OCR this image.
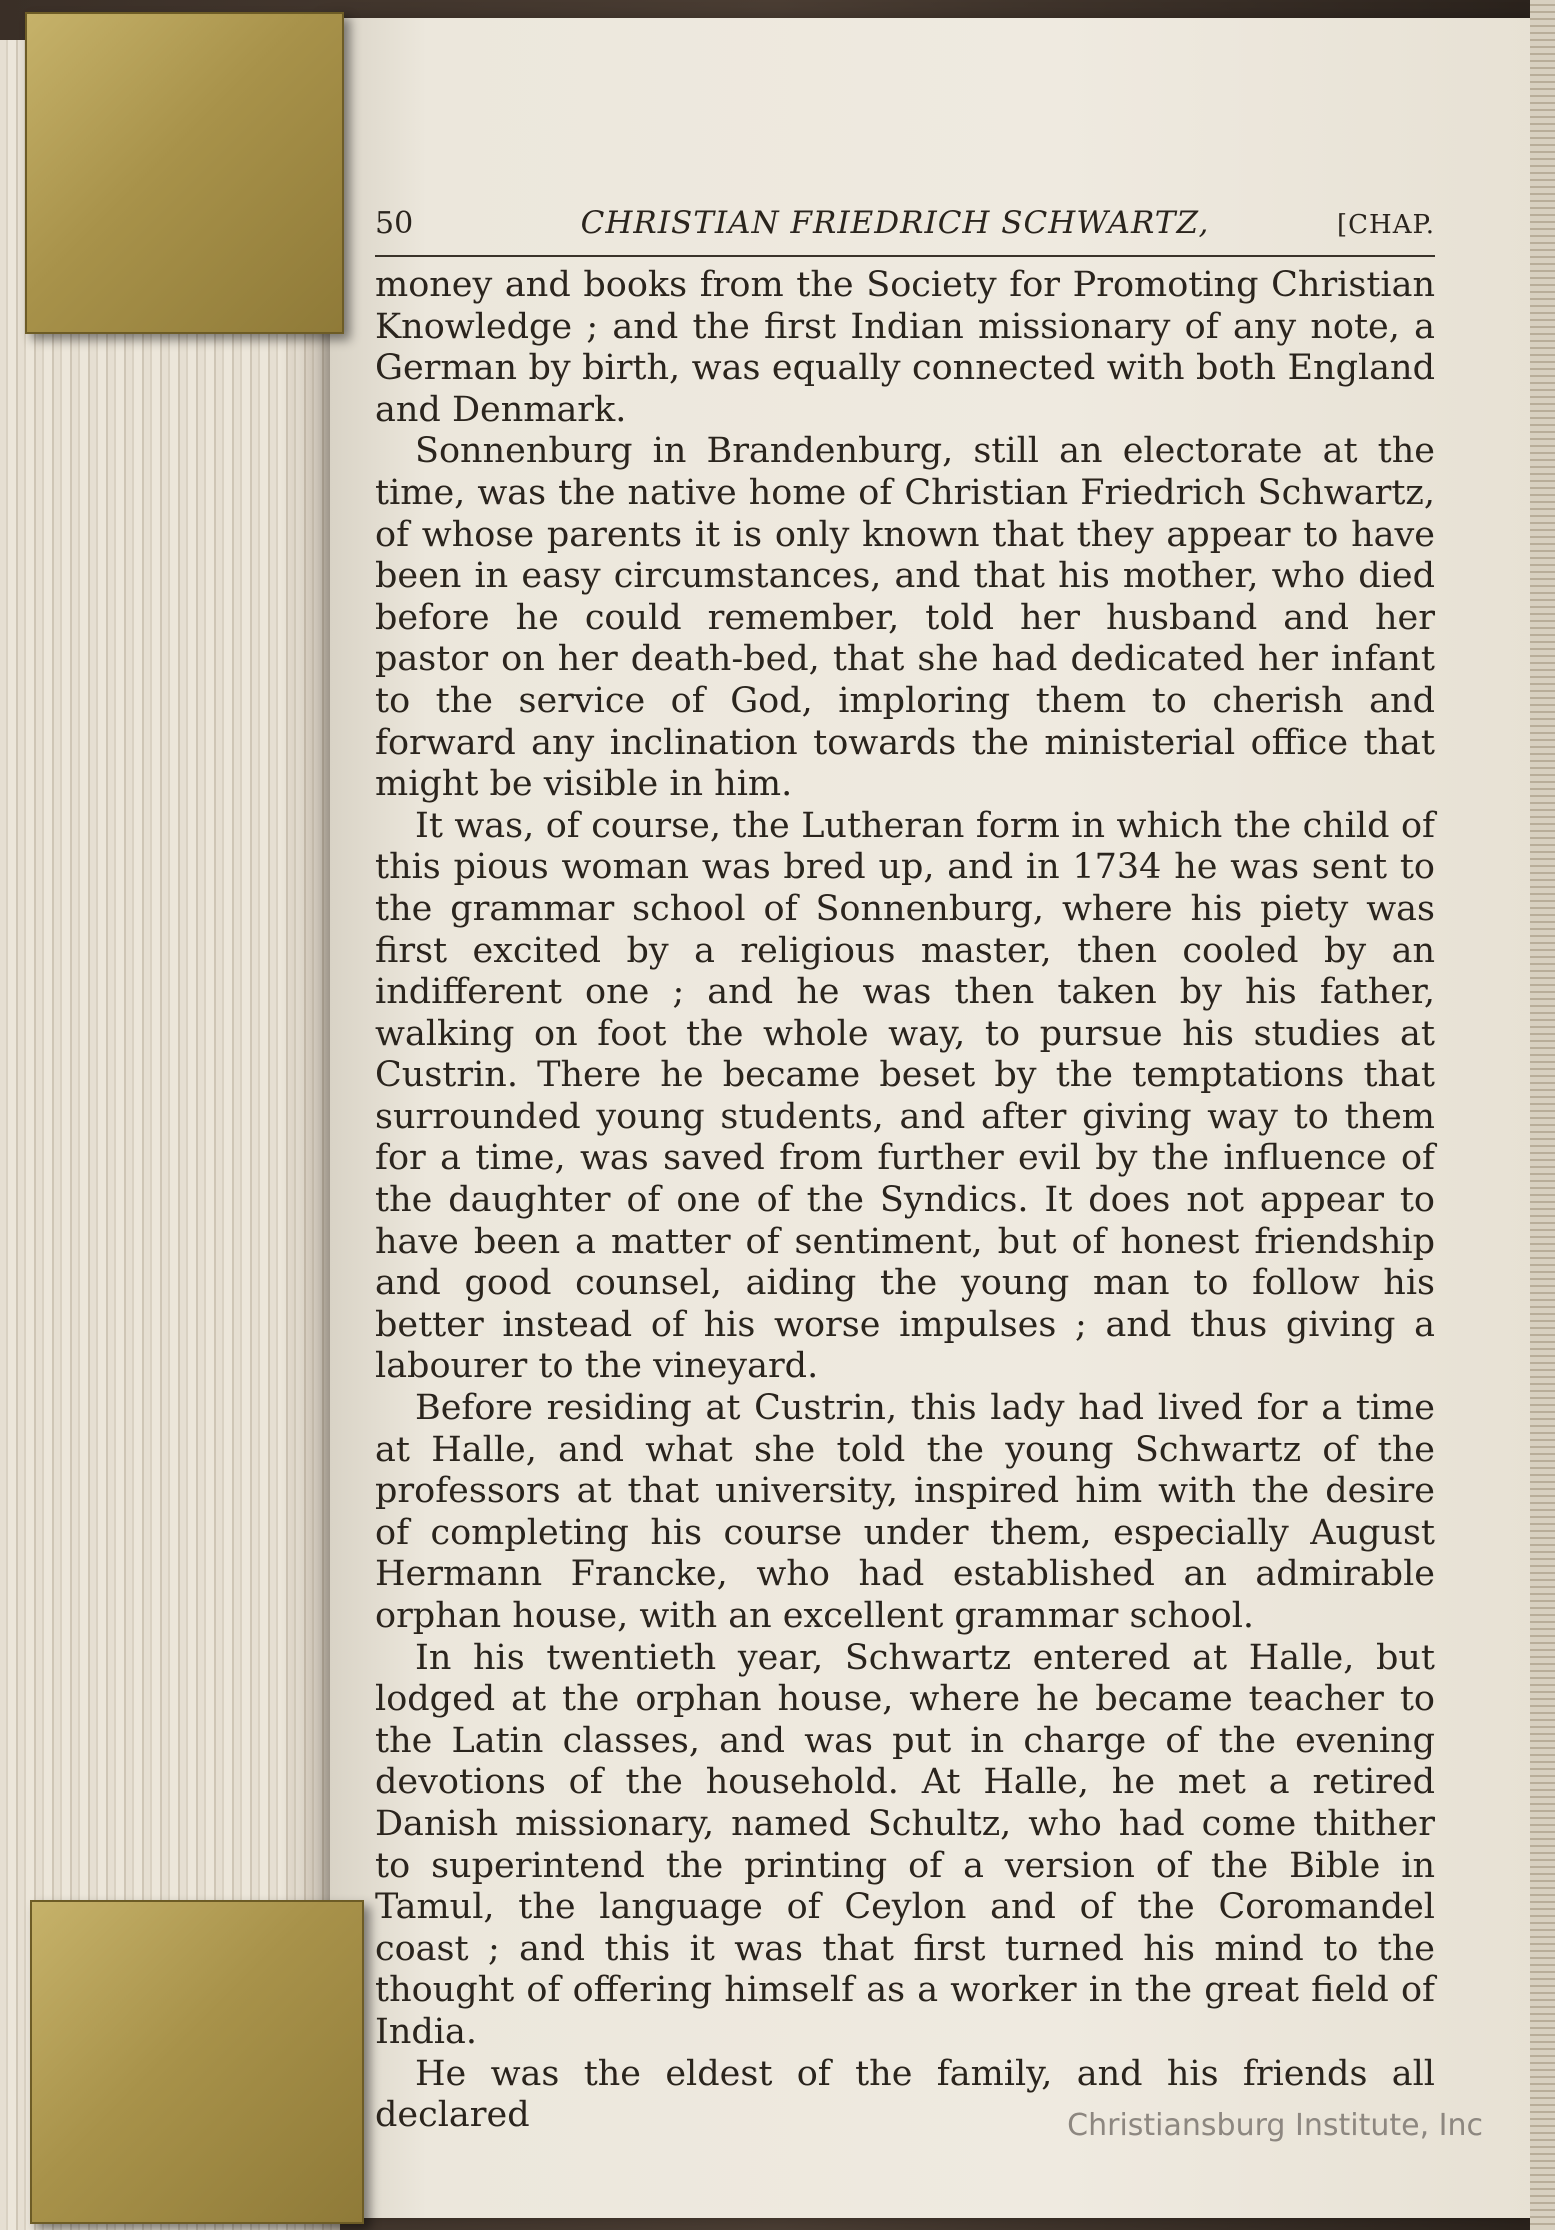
50	CHRISTIAN FRIEDRICH SCHWARTZ,	[CHAP.

money and books from the Society for Promoting Christian Knowledge ; and the first Indian missionary of any note, a German by birth, was equally connected with both England and Denmark.

Sonnenburg in Brandenburg, still an electorate at the time, was the native home of Christian Friedrich Schwartz, of whose parents it is only known that they appear to have been in easy circumstances, and that his mother, who died before he could remember, told her husband and her pastor on her death-bed, that she had dedicated her infant to the service of God, imploring them to cherish and forward any inclination towards the ministerial office that might be visible in him.

It was, of course, the Lutheran form in which the child of this pious woman was bred up, and in 1734 he was sent to the grammar school of Sonnenburg, where his piety was first excited by a religious master, then cooled by an indifferent one ; and he was then taken by his father, walking on foot the whole way, to pursue his studies at Custrin. There he became beset by the temptations that surrounded young students, and after giving way to them for a time, was saved from further evil by the influence of the daughter of one of the Syndics. It does not appear to have been a matter of sentiment, but of honest friendship and good counsel, aiding the young man to follow his better instead of his worse impulses ; and thus giving a labourer to the vineyard.

Before residing at Custrin, this lady had lived for a time at Halle, and what she told the young Schwartz of the professors at that university, inspired him with the desire of completing his course under them, especially August Hermann Francke, who had established an admirable orphan house, with an excellent grammar school.

In his twentieth year, Schwartz entered at Halle, but lodged at the orphan house, where he became teacher to the Latin classes, and was put in charge of the evening devotions of the household. At Halle, he met a retired Danish missionary, named Schultz, who had come thither to superintend the printing of a version of the Bible in Tamul, the language of Ceylon and of the Coromandel coast ; and this it was that first turned his mind to the thought of offering himself as a worker in the great field of India.

He was the eldest of the family, and his friends all declared	Christiansburg Institute, Inc
